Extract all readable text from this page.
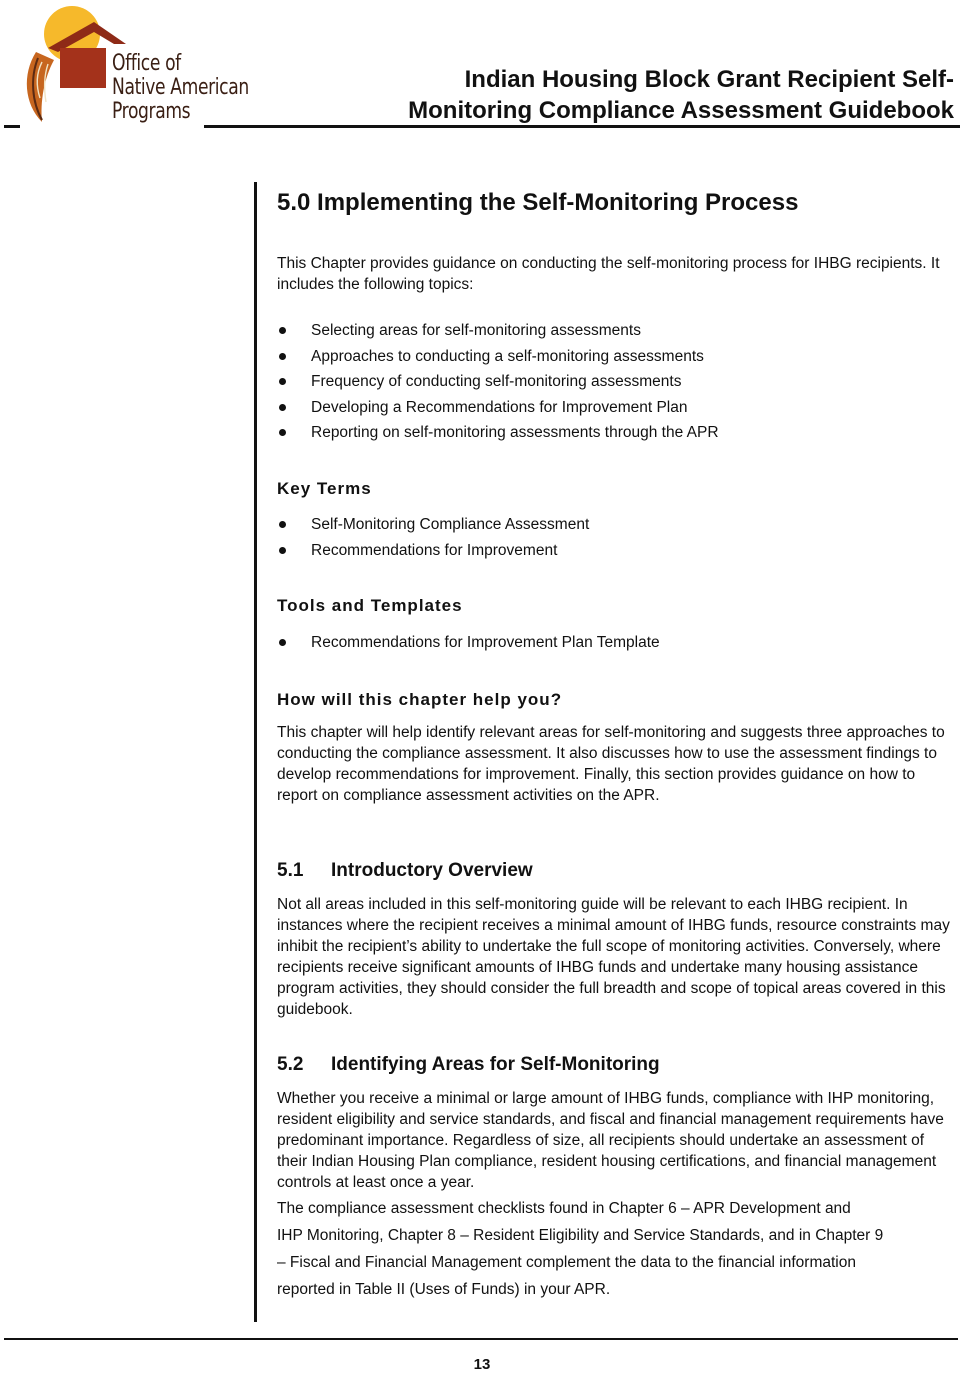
Office of
Native American
Programs
Indian Housing Block Grant Recipient Self-
Monitoring Compliance Assessment Guidebook
5.0 Implementing the Self-Monitoring Process
This Chapter provides guidance on conducting the self-monitoring process for IHBG recipients. It includes the following topics:
Selecting areas for self-monitoring assessments
Approaches to conducting a self-monitoring assessments
Frequency of conducting self-monitoring assessments
Developing a Recommendations for Improvement Plan
Reporting on self-monitoring assessments through the APR
Key Terms
Self-Monitoring Compliance Assessment
Recommendations for Improvement
Tools and Templates
Recommendations for Improvement Plan Template
How will this chapter help you?
This chapter will help identify relevant areas for self-monitoring and suggests three approaches to conducting the compliance assessment. It also discusses how to use the assessment findings to develop recommendations for improvement. Finally, this section provides guidance on how to report on compliance assessment activities on the APR.
5.1 Introductory Overview
Not all areas included in this self-monitoring guide will be relevant to each IHBG recipient. In instances where the recipient receives a minimal amount of IHBG funds, resource constraints may inhibit the recipient’s ability to undertake the full scope of monitoring activities. Conversely, where recipients receive significant amounts of IHBG funds and undertake many housing assistance program activities, they should consider the full breadth and scope of topical areas covered in this guidebook.
5.2 Identifying Areas for Self-Monitoring
Whether you receive a minimal or large amount of IHBG funds, compliance with IHP monitoring, resident eligibility and service standards, and fiscal and financial management requirements have predominant importance. Regardless of size, all recipients should undertake an assessment of their Indian Housing Plan compliance, resident housing certifications, and financial management controls at least once a year.
The compliance assessment checklists found in Chapter 6 – APR Development and
IHP Monitoring, Chapter 8 – Resident Eligibility and Service Standards, and in Chapter 9
– Fiscal and Financial Management complement the data to the financial information
reported in Table II (Uses of Funds) in your APR.
13
